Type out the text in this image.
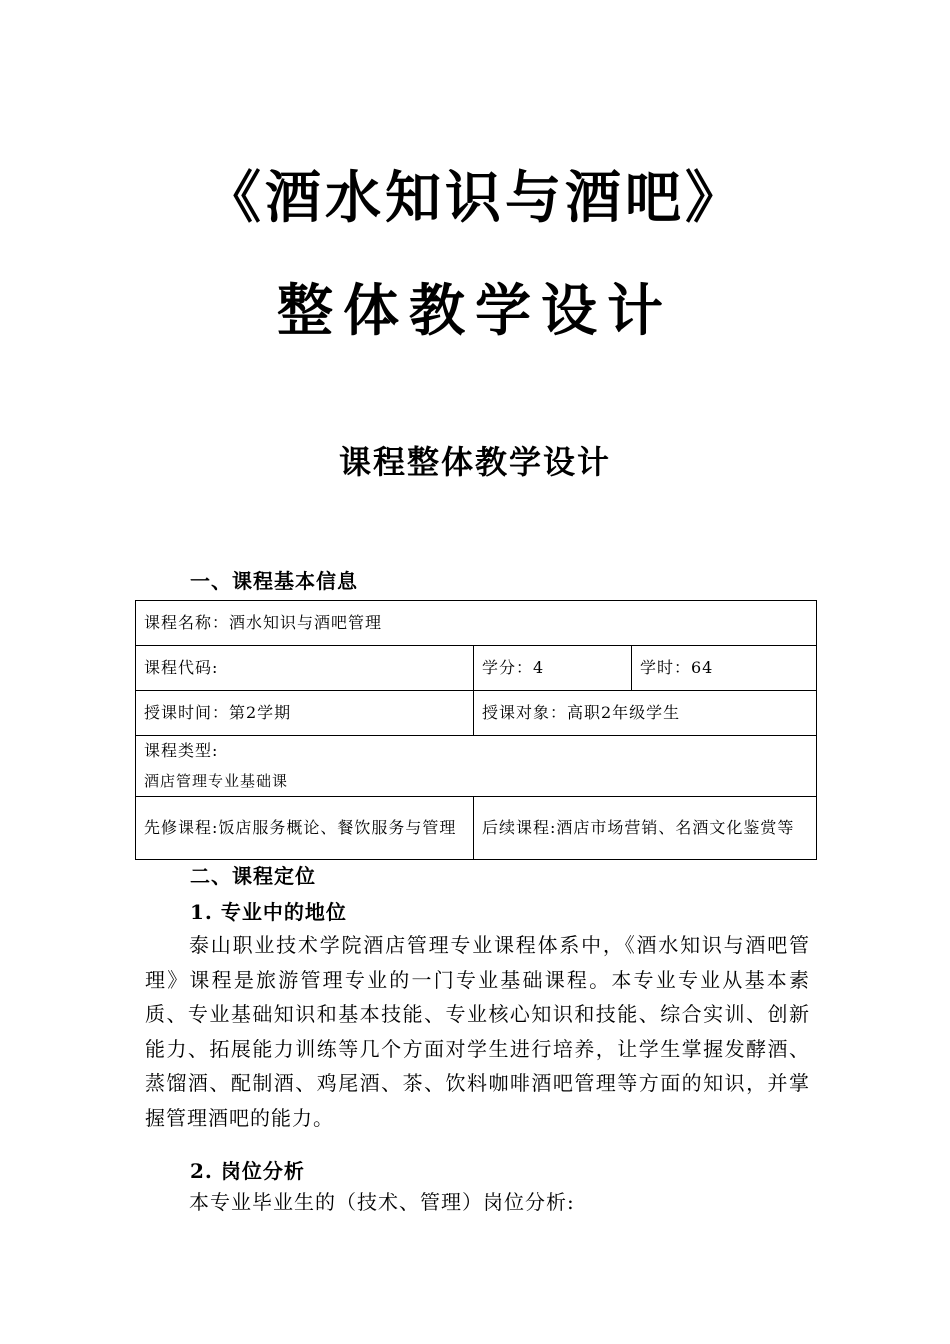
《酒水知识与酒吧》
整体教学设计
课程整体教学设计
一、课程基本信息
课程名称：酒水知识与酒吧管理		
课程代码:	学分：4	学时：64
授课时间：第2学期	授课对象：高职2年级学生	

课程类型:
酒店管理专业基础课		

先修课程:饭店服务概论、餐饮服务与管理	后续课程:酒店市场营销、名酒文化鉴赏等	
二、课程定位
1. 专业中的地位
泰山职业技术学院酒店管理专业课程体系中，《酒水知识与酒吧管理》课程是旅游管理专业的一门专业基础课程。本专业专业从基本素质、专业基础知识和基本技能、专业核心知识和技能、综合实训、创新能力、拓展能力训练等几个方面对学生进行培养，让学生掌握发酵酒、蒸馏酒、配制酒、鸡尾酒、茶、饮料咖啡酒吧管理等方面的知识，并掌握管理酒吧的能力。
2. 岗位分析
本专业毕业生的（技术、管理）岗位分析:
